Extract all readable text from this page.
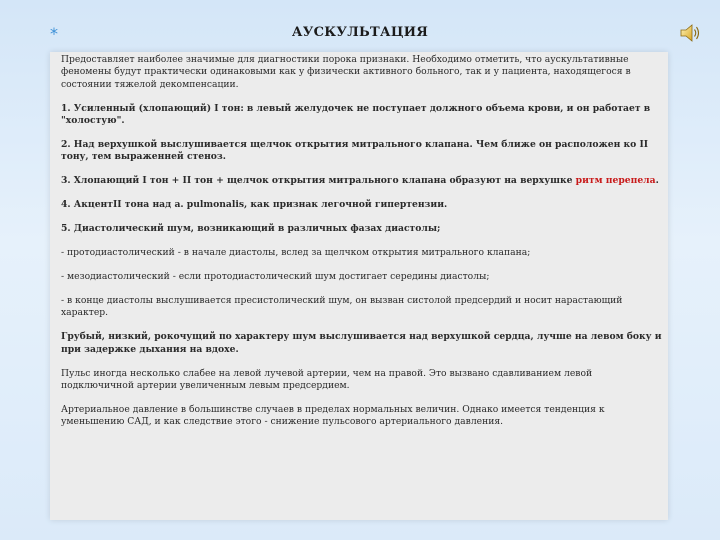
*	АУСКУЛЬТАЦИЯ

Предоставляет наиболее значимые для диагностики порока признаки. Необходимо отметить, что аускультативные феномены будут практически одинаковыми как у физически активного больного, так и у пациента, находящегося в состоянии тяжелой декомпенсации.

1. Усиленный (хлопающий) I тон: в левый желудочек не поступает должного объема крови, и он работает в "холостую".

2. Над верхушкой выслушивается щелчок открытия митрального клапана. Чем ближе он расположен ко II тону, тем выраженней стеноз.

3. Хлопающий I тон + II тон + щелчок открытия митрального клапана образуют на верхушке ритм перепела.

4. АкцентII тона над a. pulmonalis, как признак легочной гипертензии.

5. Диастолический шум, возникающий в различных фазах диастолы;

- протодиастолический - в начале диастолы, вслед за щелчком открытия митрального клапана;

- мезодиастолический - если протодиастолический шум достигает середины диастолы;

- в конце диастолы выслушивается пресистолический шум, он вызван систолой предсердий и носит нарастающий характер.

Грубый, низкий, рокочущий по характеру шум выслушивается над верхушкой сердца, лучше на левом боку и при задержке дыхания на вдохе.

Пульс иногда несколько слабее на левой лучевой артерии, чем на правой. Это вызвано сдавливанием левой подключичной артерии увеличенным левым предсердием.

Артериальное давление в большинстве случаев в пределах нормальных величин. Однако имеется тенденция к уменьшению САД, и как следствие этого - снижение пульсового артериального давления.
